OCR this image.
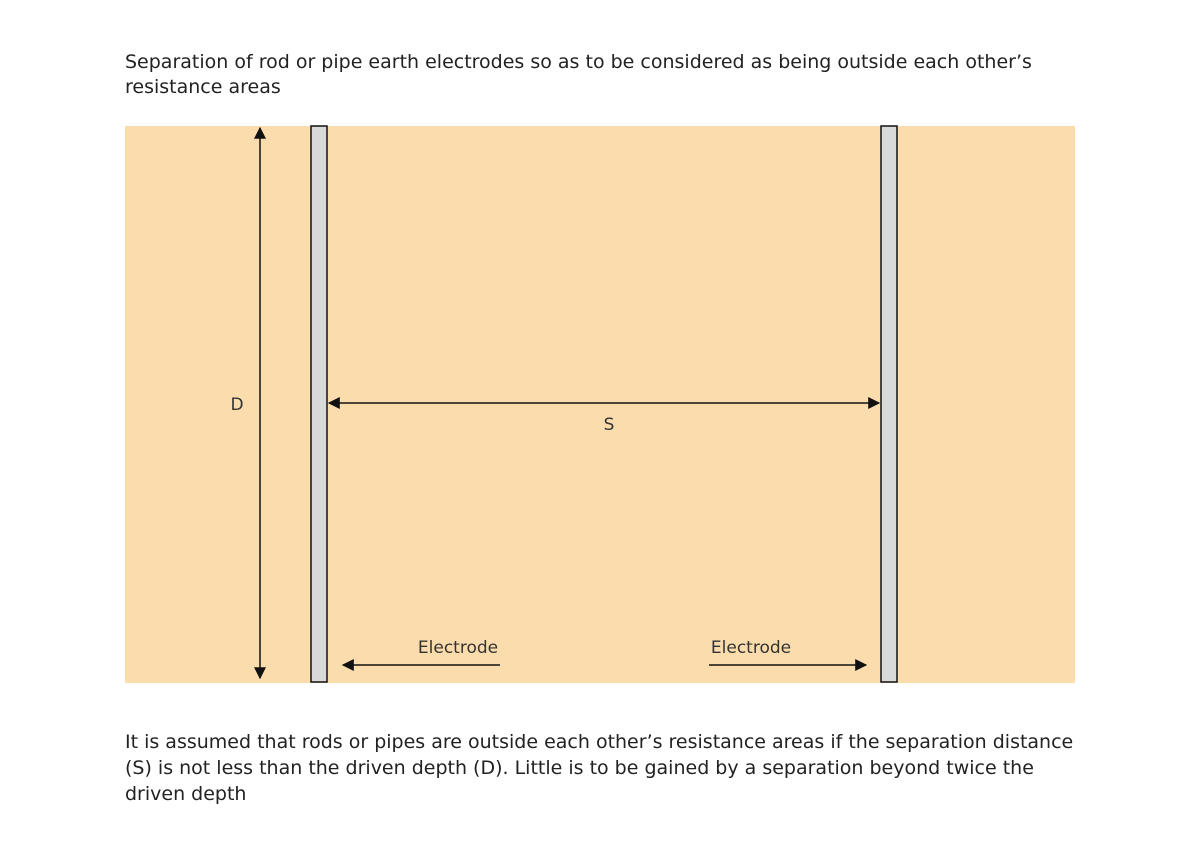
Separation of rod or pipe earth electrodes so as to be considered as being outside each other’s resistance areas

D
S
Electrode	Electrode

It is assumed that rods or pipes are outside each other’s resistance areas if the separation distance (S) is not less than the driven depth (D). Little is to be gained by a separation beyond twice the driven depth
